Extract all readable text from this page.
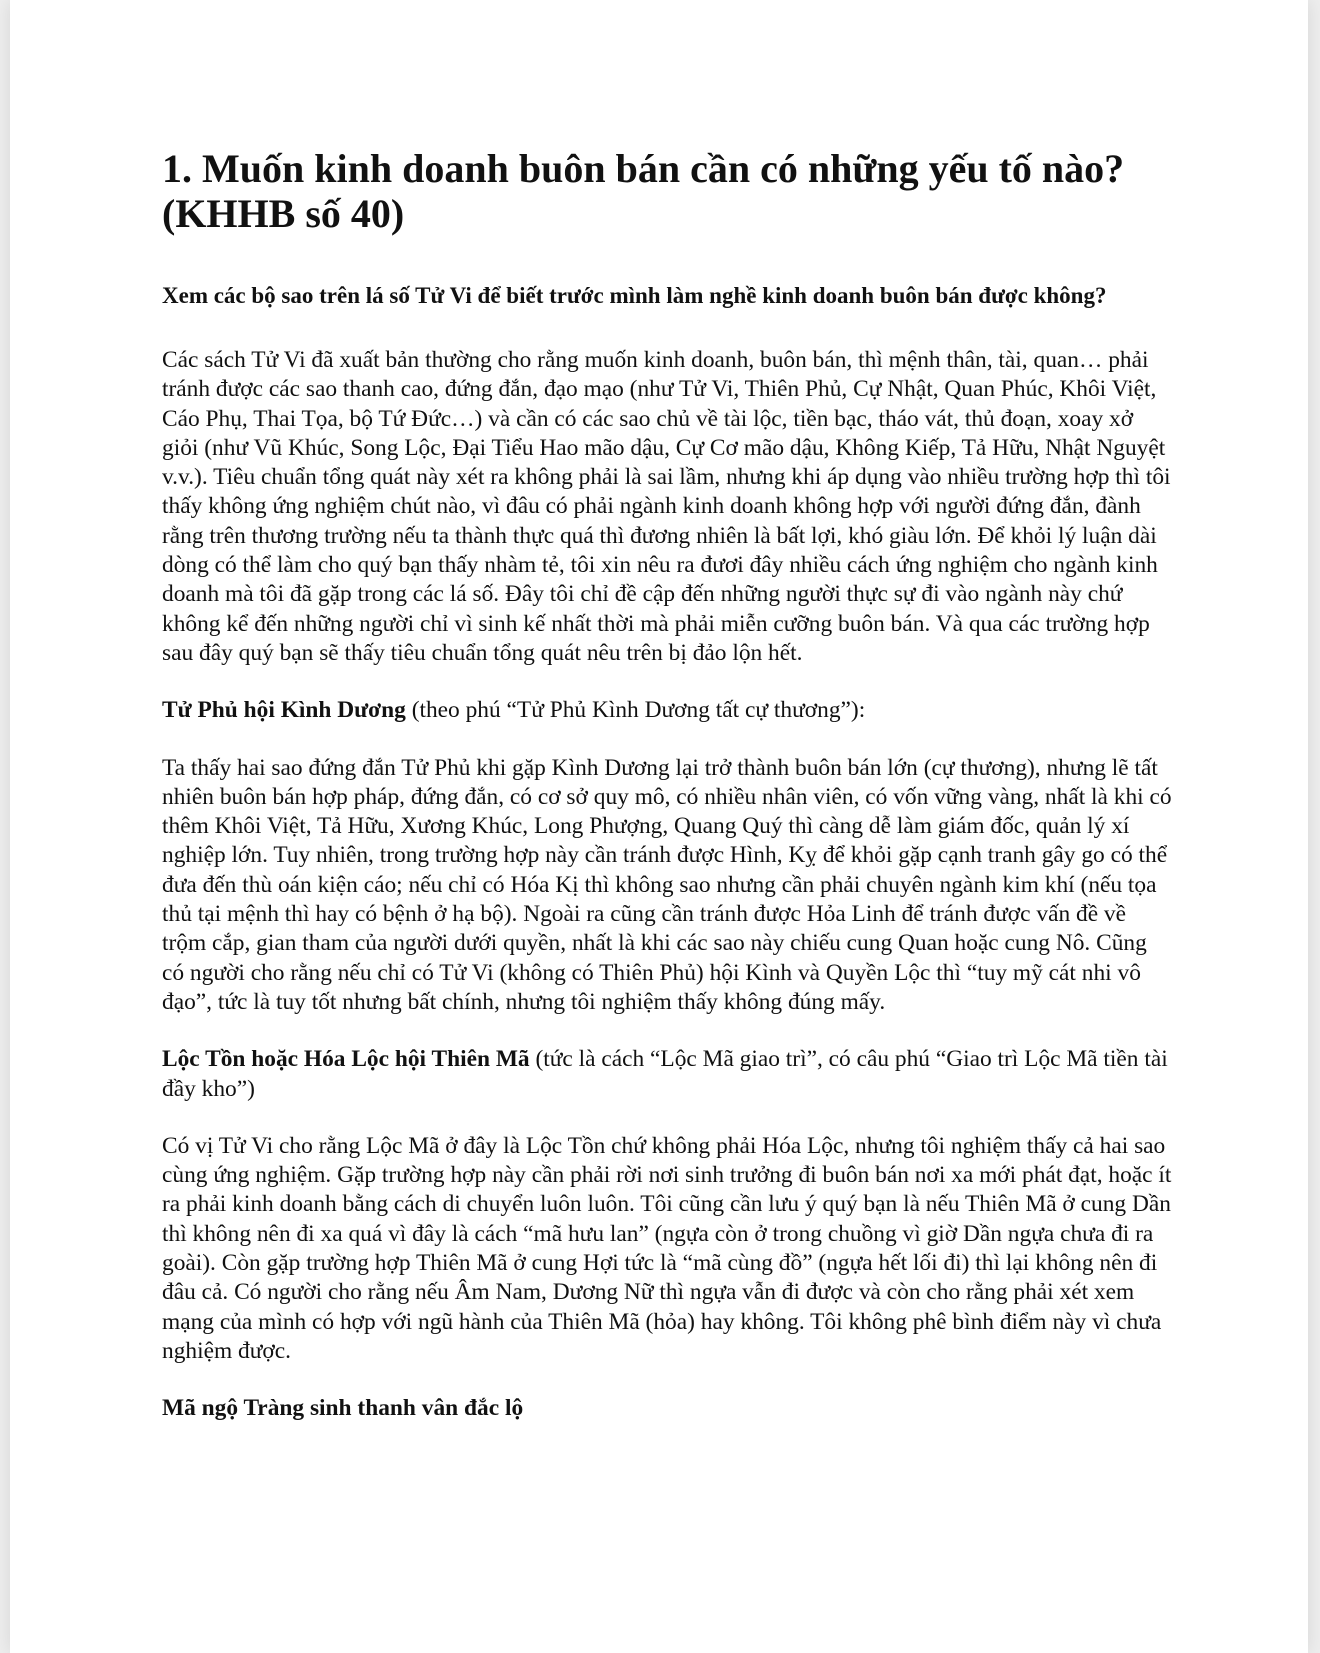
1. Muốn kinh doanh buôn bán cần có những yếu tố nào? (KHHB số 40)
Xem các bộ sao trên lá số Tử Vi để biết trước mình làm nghề kinh doanh buôn bán được không?

Các sách Tử Vi đã xuất bản thường cho rằng muốn kinh doanh, buôn bán, thì mệnh thân, tài, quan… phải tránh được các sao thanh cao, đứng đắn, đạo mạo (như Tử Vi, Thiên Phủ, Cự Nhật, Quan Phúc, Khôi Việt, Cáo Phụ, Thai Tọa, bộ Tứ Đức…) và cần có các sao chủ về tài lộc, tiền bạc, tháo vát, thủ đoạn, xoay xở giỏi (như Vũ Khúc, Song Lộc, Đại Tiểu Hao mão dậu, Cự Cơ mão dậu, Không Kiếp, Tả Hữu, Nhật Nguyệt v.v.). Tiêu chuẩn tổng quát này xét ra không phải là sai lầm, nhưng khi áp dụng vào nhiều trường hợp thì tôi thấy không ứng nghiệm chút nào, vì đâu có phải ngành kinh doanh không hợp với người đứng đắn, đành rằng trên thương trường nếu ta thành thực quá thì đương nhiên là bất lợi, khó giàu lớn. Để khỏi lý luận dài dòng có thể làm cho quý bạn thấy nhàm tẻ, tôi xin nêu ra đươi đây nhiều cách ứng nghiệm cho ngành kinh doanh mà tôi đã gặp trong các lá số. Đây tôi chỉ đề cập đến những người thực sự đi vào ngành này chứ không kể đến những người chỉ vì sinh kế nhất thời mà phải miễn cưỡng buôn bán. Và qua các trường hợp sau đây quý bạn sẽ thấy tiêu chuẩn tổng quát nêu trên bị đảo lộn hết.

Tử Phủ hội Kình Dương (theo phú “Tử Phủ Kình Dương tất cự thương”):

Ta thấy hai sao đứng đắn Tử Phủ khi gặp Kình Dương lại trở thành buôn bán lớn (cự thương), nhưng lẽ tất nhiên buôn bán hợp pháp, đứng đắn, có cơ sở quy mô, có nhiều nhân viên, có vốn vững vàng, nhất là khi có thêm Khôi Việt, Tả Hữu, Xương Khúc, Long Phượng, Quang Quý thì càng dễ làm giám đốc, quản lý xí nghiệp lớn. Tuy nhiên, trong trường hợp này cần tránh được Hình, Kỵ để khỏi gặp cạnh tranh gây go có thể đưa đến thù oán kiện cáo; nếu chỉ có Hóa Kị thì không sao nhưng cần phải chuyên ngành kim khí (nếu tọa thủ tại mệnh thì hay có bệnh ở hạ bộ). Ngoài ra cũng cần tránh được Hỏa Linh để tránh được vấn đề về trộm cắp, gian tham của người dưới quyền, nhất là khi các sao này chiếu cung Quan hoặc cung Nô. Cũng có người cho rằng nếu chỉ có Tử Vi (không có Thiên Phủ) hội Kình và Quyền Lộc thì “tuy mỹ cát nhi vô đạo”, tức là tuy tốt nhưng bất chính, nhưng tôi nghiệm thấy không đúng mấy.

Lộc Tồn hoặc Hóa Lộc hội Thiên Mã (tức là cách “Lộc Mã giao trì”, có câu phú “Giao trì Lộc Mã tiền tài đầy kho”)

Có vị Tử Vi cho rằng Lộc Mã ở đây là Lộc Tồn chứ không phải Hóa Lộc, nhưng tôi nghiệm thấy cả hai sao cùng ứng nghiệm. Gặp trường hợp này cần phải rời nơi sinh trưởng đi buôn bán nơi xa mới phát đạt, hoặc ít ra phải kinh doanh bằng cách di chuyển luôn luôn. Tôi cũng cần lưu ý quý bạn là nếu Thiên Mã ở cung Dần thì không nên đi xa quá vì đây là cách “mã hưu lan” (ngựa còn ở trong chuồng vì giờ Dần ngựa chưa đi ra goài). Còn gặp trường hợp Thiên Mã ở cung Hợi tức là “mã cùng đồ” (ngựa hết lối đi) thì lại không nên đi đâu cả. Có người cho rằng nếu Âm Nam, Dương Nữ thì ngựa vẫn đi được và còn cho rằng phải xét xem mạng của mình có hợp với ngũ hành của Thiên Mã (hỏa) hay không. Tôi không phê bình điểm này vì chưa nghiệm được.

Mã ngộ Tràng sinh thanh vân đắc lộ
